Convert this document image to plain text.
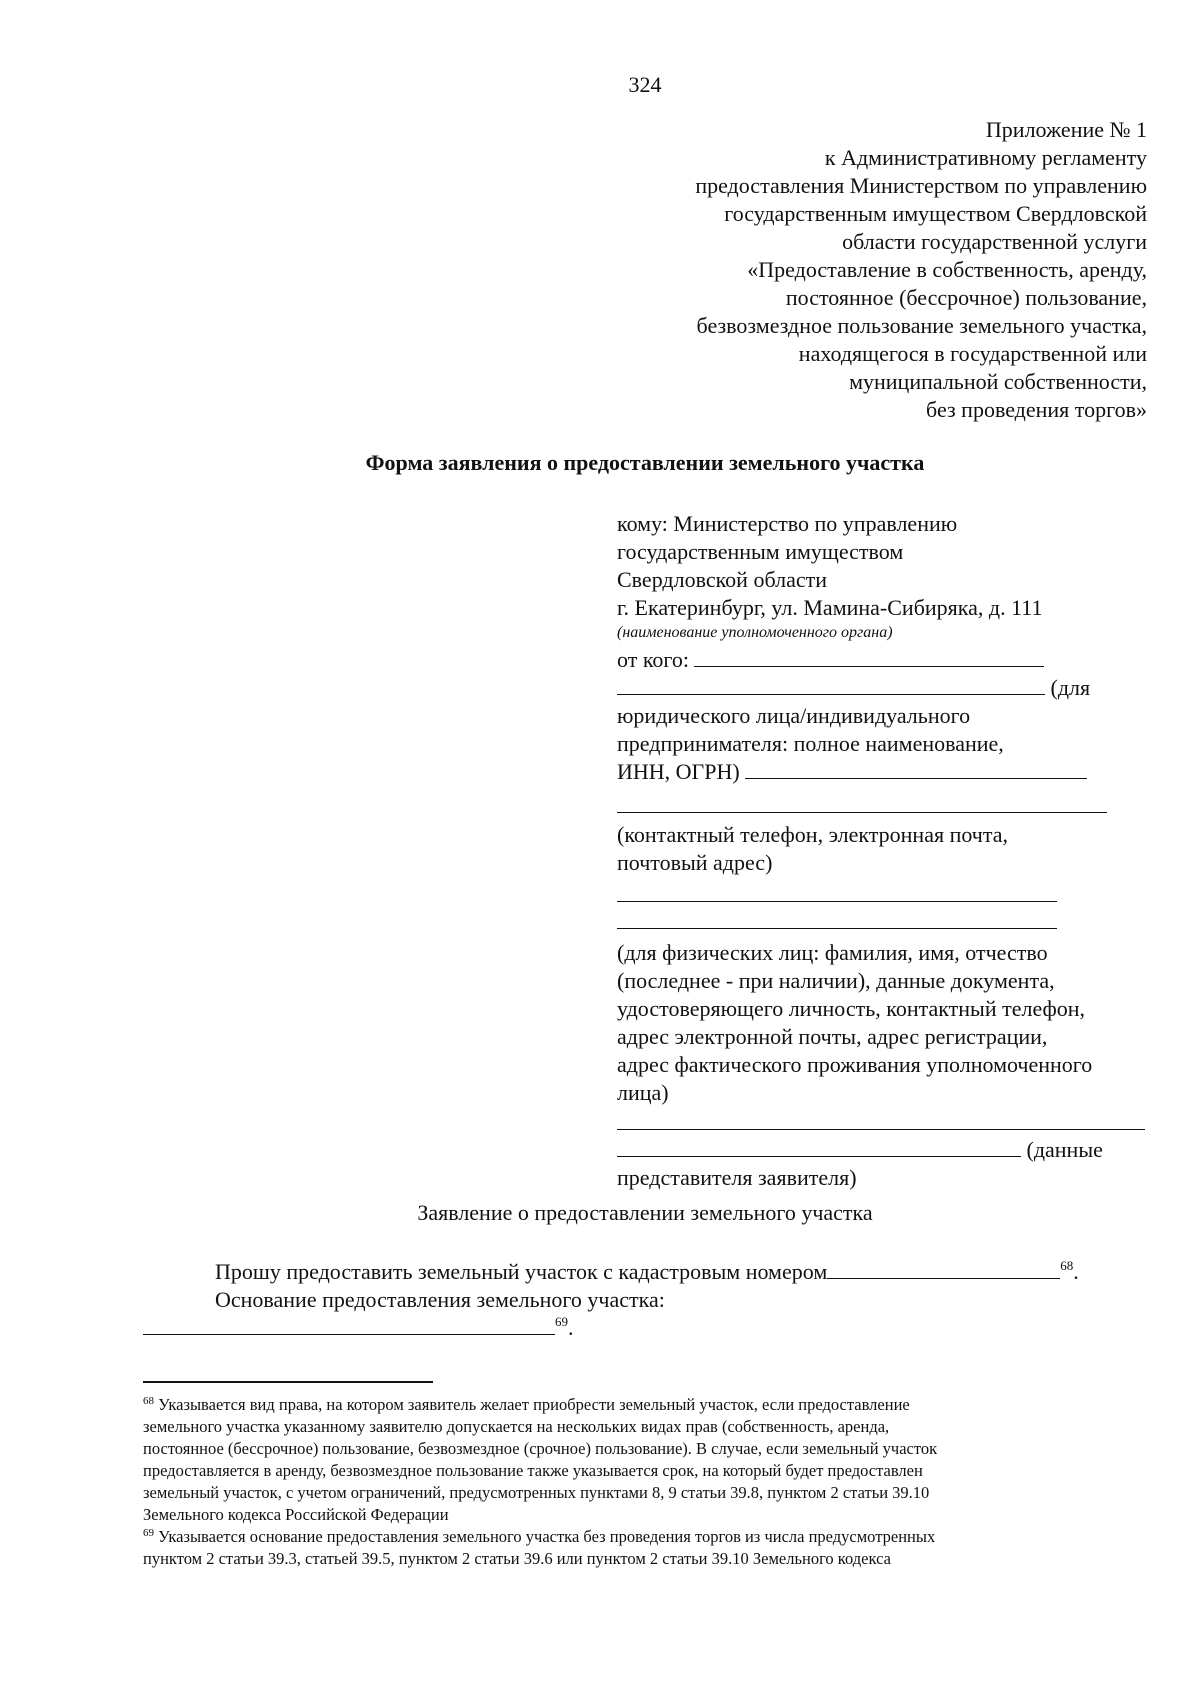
324
Приложение № 1
к Административному регламенту
предоставления Министерством по управлению
государственным имуществом Свердловской
области государственной услуги
«Предоставление в собственность, аренду,
постоянное (бессрочное) пользование,
безвозмездное пользование земельного участка,
находящегося в государственной или
муниципальной собственности,
без проведения торгов»
Форма заявления о предоставлении земельного участка
кому: Министерство по управлению
государственным имуществом
Свердловской области
г. Екатеринбург, ул. Мамина-Сибиряка, д. 111
(наименование уполномоченного органа)
от кого:
(для
юридического лица/индивидуального
предпринимателя: полное наименование,
ИНН, ОГРН)
(контактный телефон, электронная почта,
почтовый адрес)
(для физических лиц: фамилия, имя, отчество
(последнее - при наличии), данные документа,
удостоверяющего личность, контактный телефон,
адрес электронной почты, адрес регистрации,
адрес фактического проживания уполномоченного
лица)
(данные
представителя заявителя)
Заявление о предоставлении земельного участка
Прошу предоставить земельный участок с кадастровым номером	$^{68}$.
Основание предоставления земельного участка:
$^{69}$.
$^{68}$ Указывается вид права, на котором заявитель желает приобрести земельный участок, если предоставление
земельного участка указанному заявителю допускается на нескольких видах прав (собственность, аренда,
постоянное (бессрочное) пользование, безвозмездное (срочное) пользование). В случае, если земельный участок
предоставляется в аренду, безвозмездное пользование также указывается срок, на который будет предоставлен
земельный участок, с учетом ограничений, предусмотренных пунктами 8, 9 статьи 39.8, пунктом 2 статьи 39.10
Земельного кодекса Российской Федерации
$^{69}$ Указывается основание предоставления земельного участка без проведения торгов из числа предусмотренных
пунктом 2 статьи 39.3, статьей 39.5, пунктом 2 статьи 39.6 или пунктом 2 статьи 39.10 Земельного кодекса
